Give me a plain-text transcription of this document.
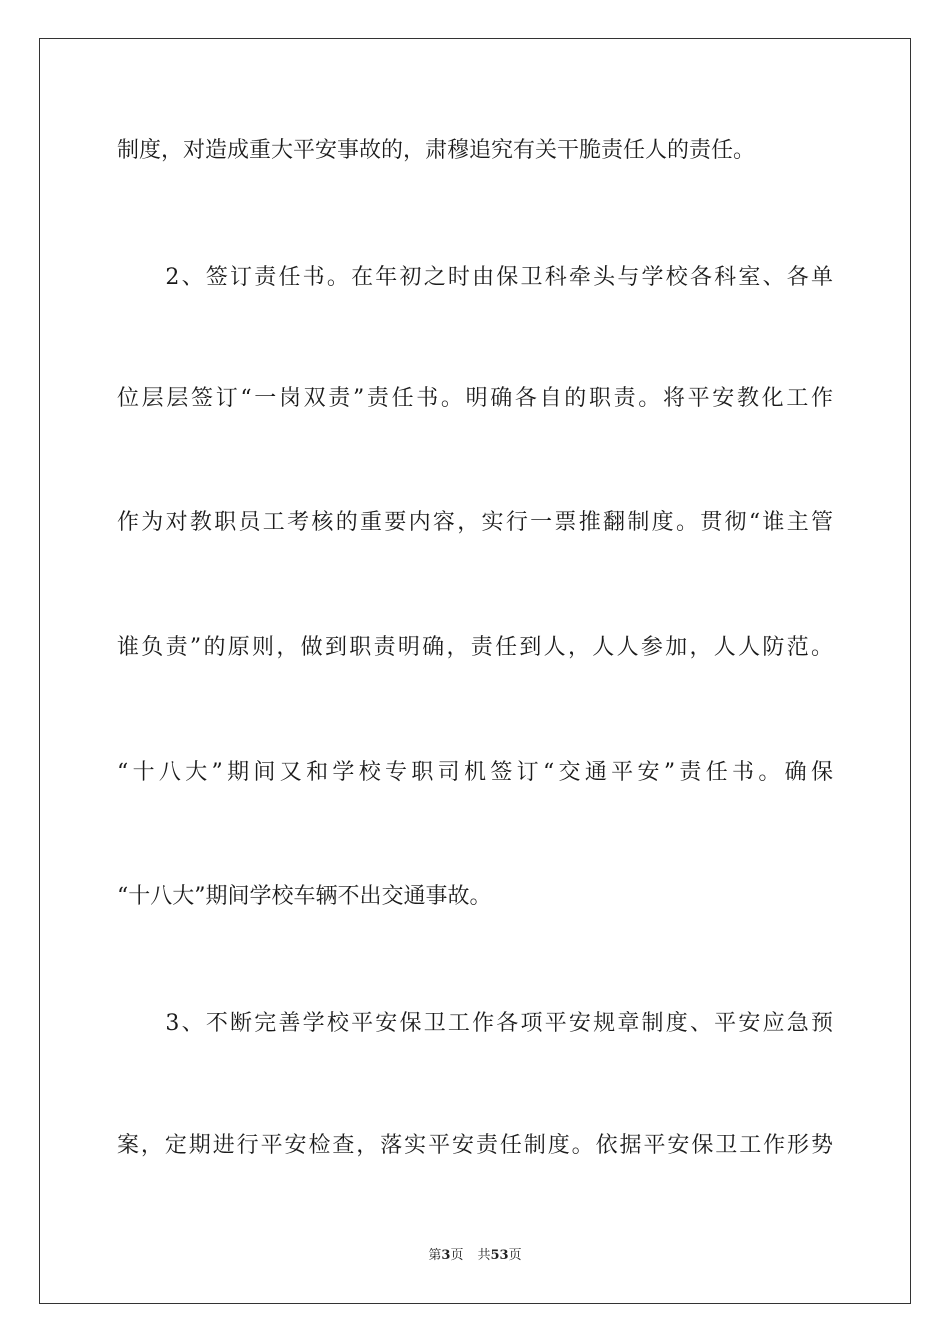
制度，对造成重大平安事故的，肃穆追究有关干脆责任人的责任。
　　2、签订责任书。在年初之时由保卫科牵头与学校各科室、各单
位层层签订“一岗双责”责任书。明确各自的职责。将平安教化工作
作为对教职员工考核的重要内容，实行一票推翻制度。贯彻“谁主管
谁负责”的原则，做到职责明确，责任到人，人人参加，人人防范。
“十八大”期间又和学校专职司机签订“交通平安”责任书。确保
“十八大”期间学校车辆不出交通事故。
　　3、不断完善学校平安保卫工作各项平安规章制度、平安应急预
案，定期进行平安检查，落实平安责任制度。依据平安保卫工作形势
第3页 共53页
